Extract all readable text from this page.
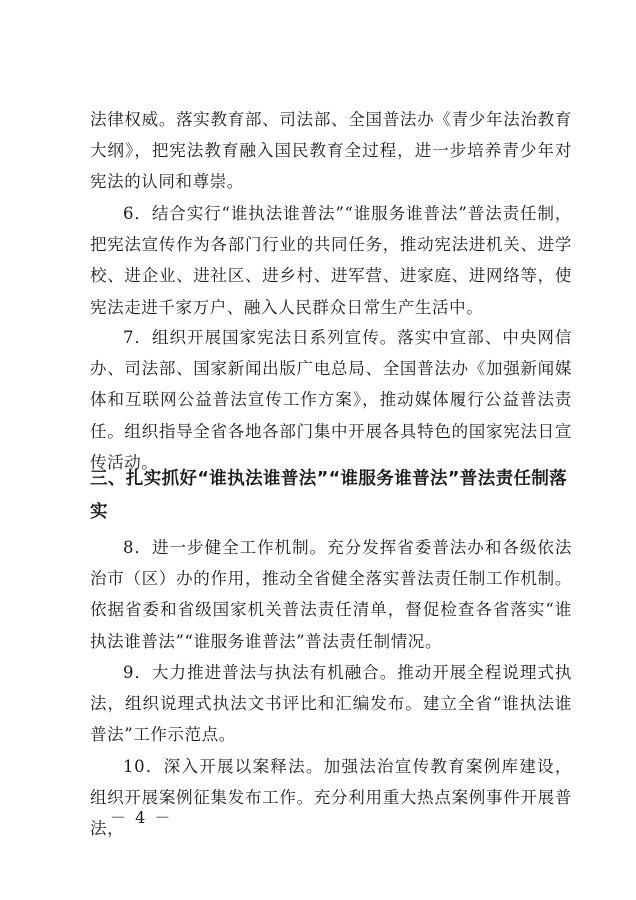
法律权威。落实教育部、司法部、全国普法办《青少年法治教育大纲》，把宪法教育融入国民教育全过程，进一步培养青少年对宪法的认同和尊崇。
6．结合实行“谁执法谁普法”“谁服务谁普法”普法责任制，把宪法宣传作为各部门行业的共同任务，推动宪法进机关、进学校、进企业、进社区、进乡村、进军营、进家庭、进网络等，使宪法走进千家万户、融入人民群众日常生产生活中。
7．组织开展国家宪法日系列宣传。落实中宣部、中央网信办、司法部、国家新闻出版广电总局、全国普法办《加强新闻媒体和互联网公益普法宣传工作方案》，推动媒体履行公益普法责任。组织指导全省各地各部门集中开展各具特色的国家宪法日宣传活动。
三、扎实抓好“谁执法谁普法”“谁服务谁普法”普法责任制落实
8．进一步健全工作机制。充分发挥省委普法办和各级依法治市（区）办的作用，推动全省健全落实普法责任制工作机制。依据省委和省级国家机关普法责任清单，督促检查各省落实“谁执法谁普法”“谁服务谁普法”普法责任制情况。
9．大力推进普法与执法有机融合。推动开展全程说理式执法，组织说理式执法文书评比和汇编发布。建立全省“谁执法谁普法”工作示范点。
10．深入开展以案释法。加强法治宣传教育案例库建设，组织开展案例征集发布工作。充分利用重大热点案例事件开展普法，
－ 4 －
